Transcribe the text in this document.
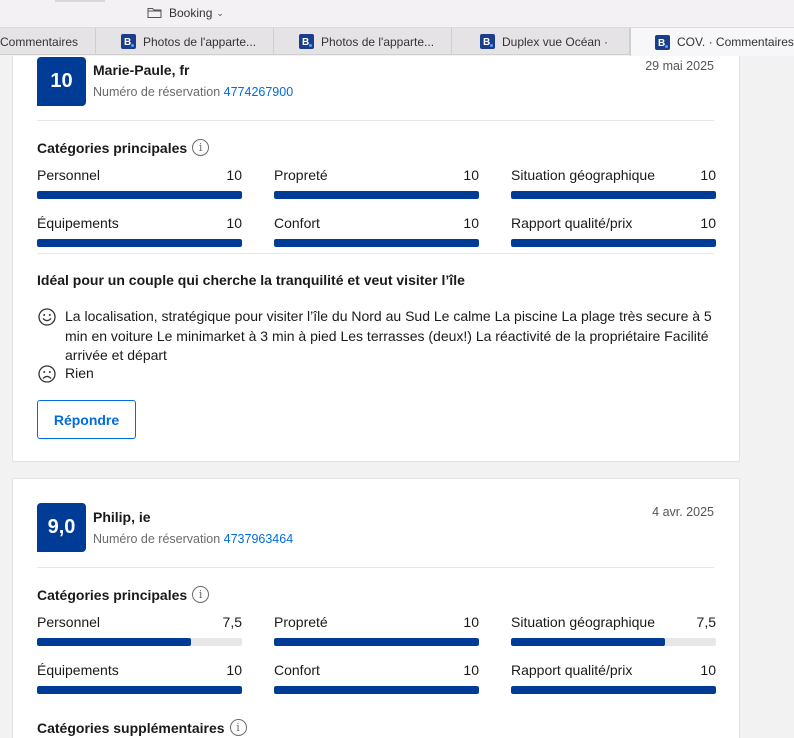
Booking ⌄
Commentaires	B Photos de l'apparte...	B Photos de l'apparte...	B Duplex vue Océan ·	B COV. · Commentaires
10	Marie-Paule, fr
Numéro de réservation 4774267900
29 mai 2025
Catégories principales	i
Personnel	10 Propreté	10 Situation géographique	10
Équipements	10 Confort	10 Rapport qualité/prix	10
Idéal pour un couple qui cherche la tranquilité et veut visiter l’île
La localisation, stratégique pour visiter l’île du Nord au Sud Le calme La piscine La plage très secure à 5 min en voiture Le minimarket à 3 min à pied Les terrasses (deux!) La réactivité de la propriétaire Facilité arrivée et départ
Rien
Répondre
9,0	Philip, ie
Numéro de réservation 4737963464
4 avr. 2025
Catégories principales	i
Personnel	7,5 Propreté	10 Situation géographique	7,5
Équipements	10 Confort	10 Rapport qualité/prix	10
Catégories supplémentaires	i
